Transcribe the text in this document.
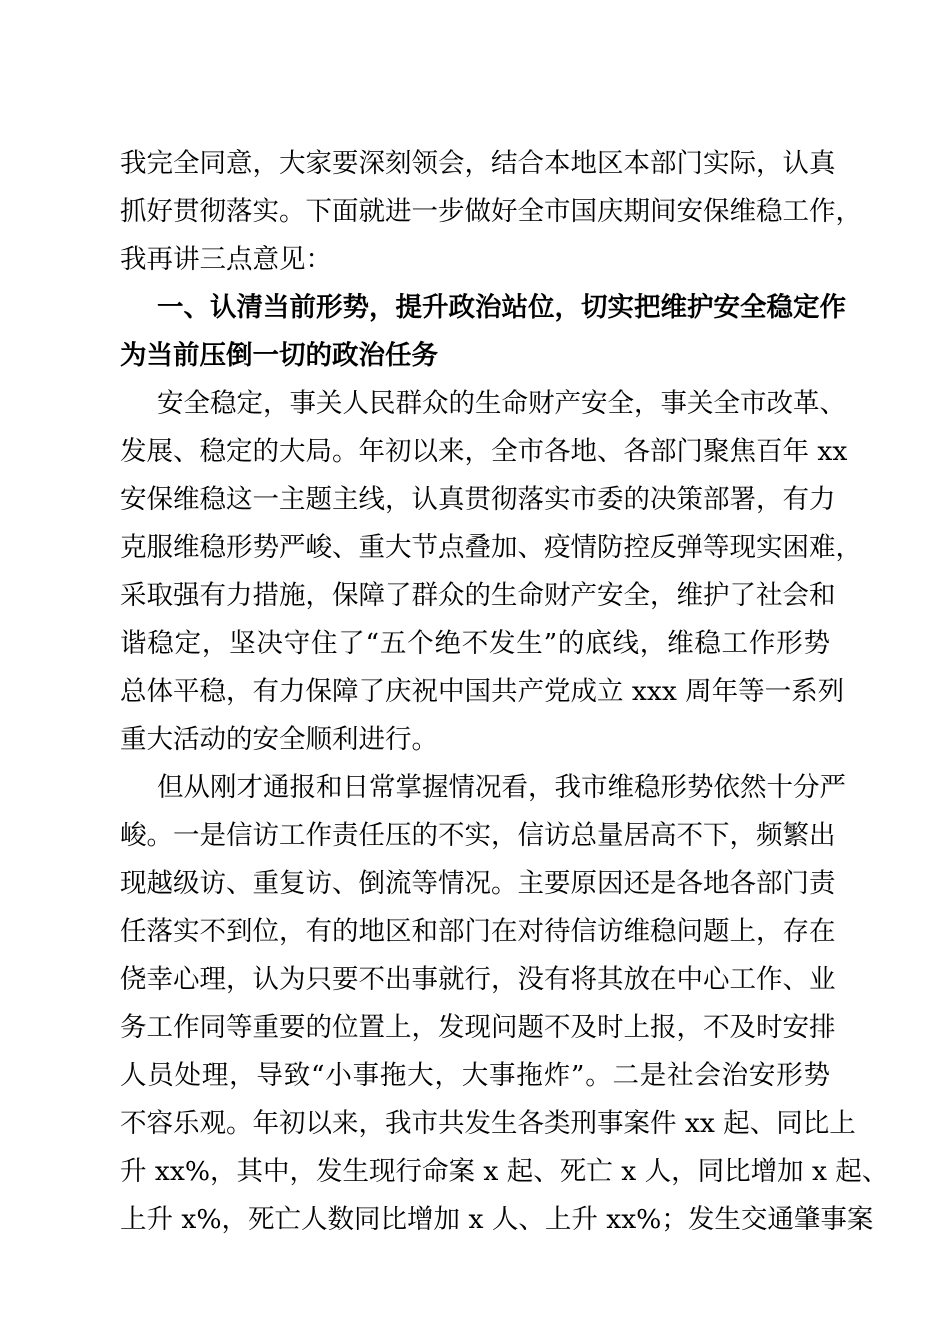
我完全同意，大家要深刻领会，结合本地区本部门实际，认真
抓好贯彻落实。下面就进一步做好全市国庆期间安保维稳工作，
我再讲三点意见：
一、认清当前形势，提升政治站位，切实把维护安全稳定作
为当前压倒一切的政治任务
安全稳定，事关人民群众的生命财产安全，事关全市改革、
发展、稳定的大局。年初以来，全市各地、各部门聚焦百年 xx
安保维稳这一主题主线，认真贯彻落实市委的决策部署，有力
克服维稳形势严峻、重大节点叠加、疫情防控反弹等现实困难，
采取强有力措施，保障了群众的生命财产安全，维护了社会和
谐稳定，坚决守住了“五个绝不发生”的底线，维稳工作形势
总体平稳，有力保障了庆祝中国共产党成立 xxx 周年等一系列
重大活动的安全顺利进行。
但从刚才通报和日常掌握情况看，我市维稳形势依然十分严
峻。一是信访工作责任压的不实，信访总量居高不下，频繁出
现越级访、重复访、倒流等情况。主要原因还是各地各部门责
任落实不到位，有的地区和部门在对待信访维稳问题上，存在
侥幸心理，认为只要不出事就行，没有将其放在中心工作、业
务工作同等重要的位置上，发现问题不及时上报，不及时安排
人员处理，导致“小事拖大，大事拖炸”。二是社会治安形势
不容乐观。年初以来，我市共发生各类刑事案件 xx 起、同比上
升 xx%，其中，发生现行命案 x 起、死亡 x 人，同比增加 x 起、
上升 x%，死亡人数同比增加 x 人、上升 xx%；发生交通肇事案
